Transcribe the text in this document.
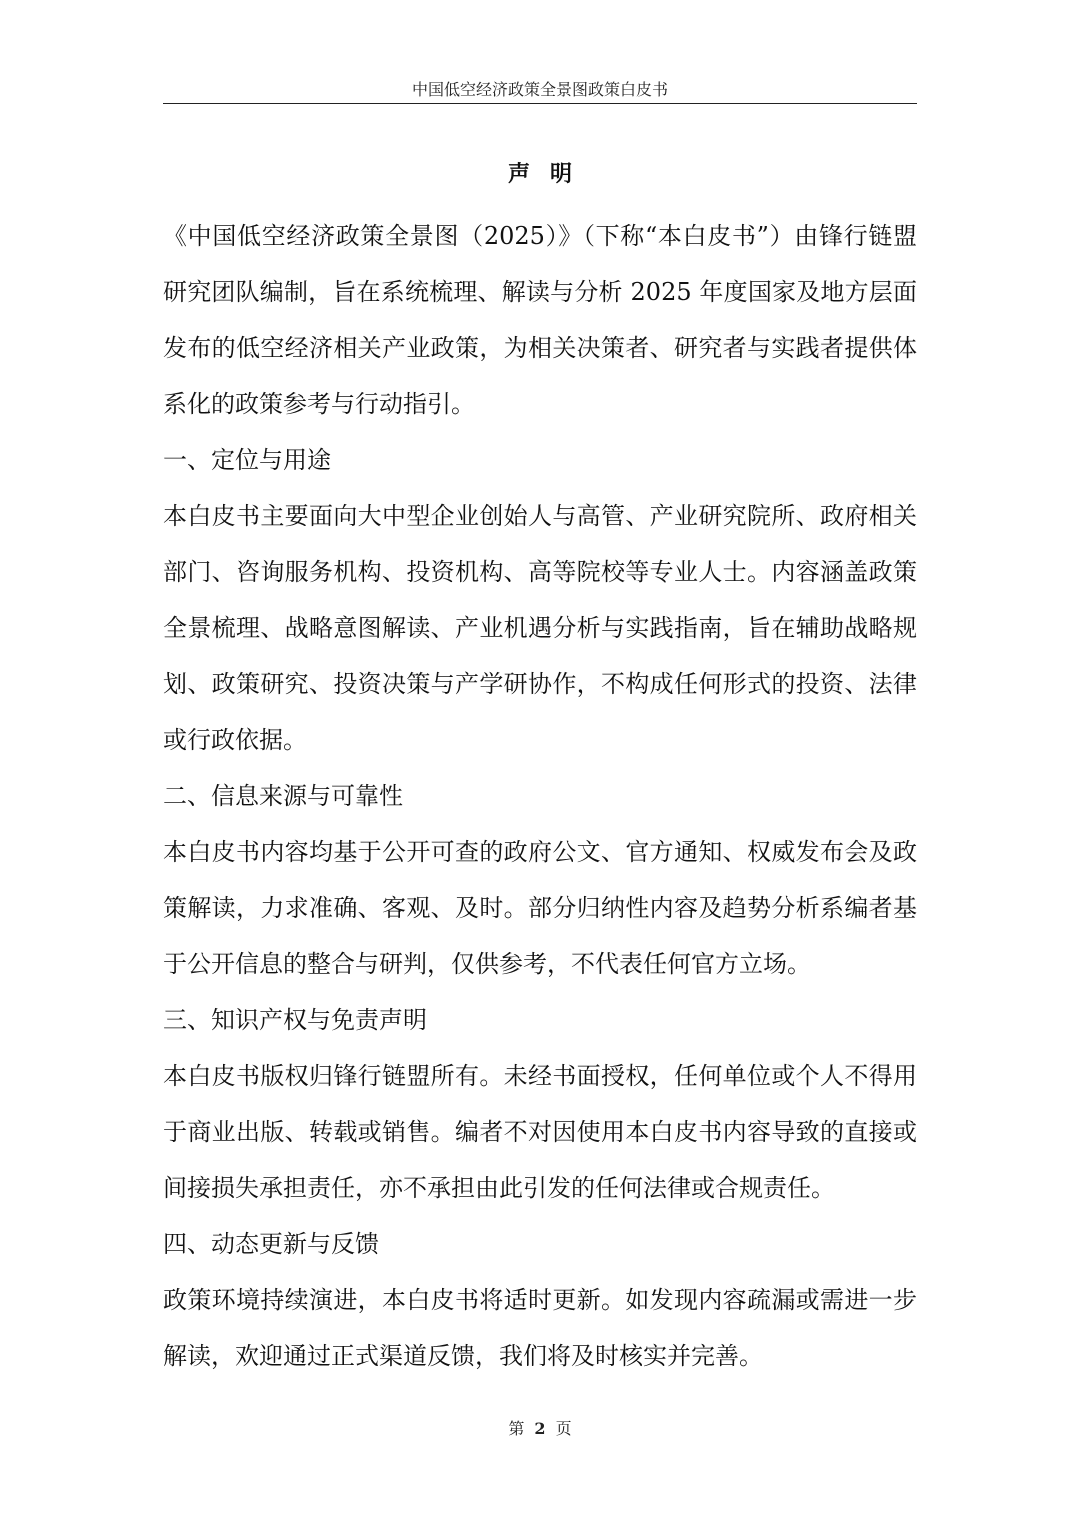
中国低空经济政策全景图政策白皮书
声明

《中国低空经济政策全景图（2025）》（下称“本白皮书”）由锋行链盟研究团队编制，旨在系统梳理、解读与分析 2025 年度国家及地方层面发布的低空经济相关产业政策，为相关决策者、研究者与实践者提供体系化的政策参考与行动指引。

一、定位与用途

本白皮书主要面向大中型企业创始人与高管、产业研究院所、政府相关部门、咨询服务机构、投资机构、高等院校等专业人士。内容涵盖政策全景梳理、战略意图解读、产业机遇分析与实践指南，旨在辅助战略规划、政策研究、投资决策与产学研协作，不构成任何形式的投资、法律或行政依据。

二、信息来源与可靠性

本白皮书内容均基于公开可查的政府公文、官方通知、权威发布会及政策解读，力求准确、客观、及时。部分归纳性内容及趋势分析系编者基于公开信息的整合与研判，仅供参考，不代表任何官方立场。

三、知识产权与免责声明

本白皮书版权归锋行链盟所有。未经书面授权，任何单位或个人不得用于商业出版、转载或销售。编者不对因使用本白皮书内容导致的直接或间接损失承担责任，亦不承担由此引发的任何法律或合规责任。

四、动态更新与反馈

政策环境持续演进，本白皮书将适时更新。如发现内容疏漏或需进一步解读，欢迎通过正式渠道反馈，我们将及时核实并完善。

第 2 页
